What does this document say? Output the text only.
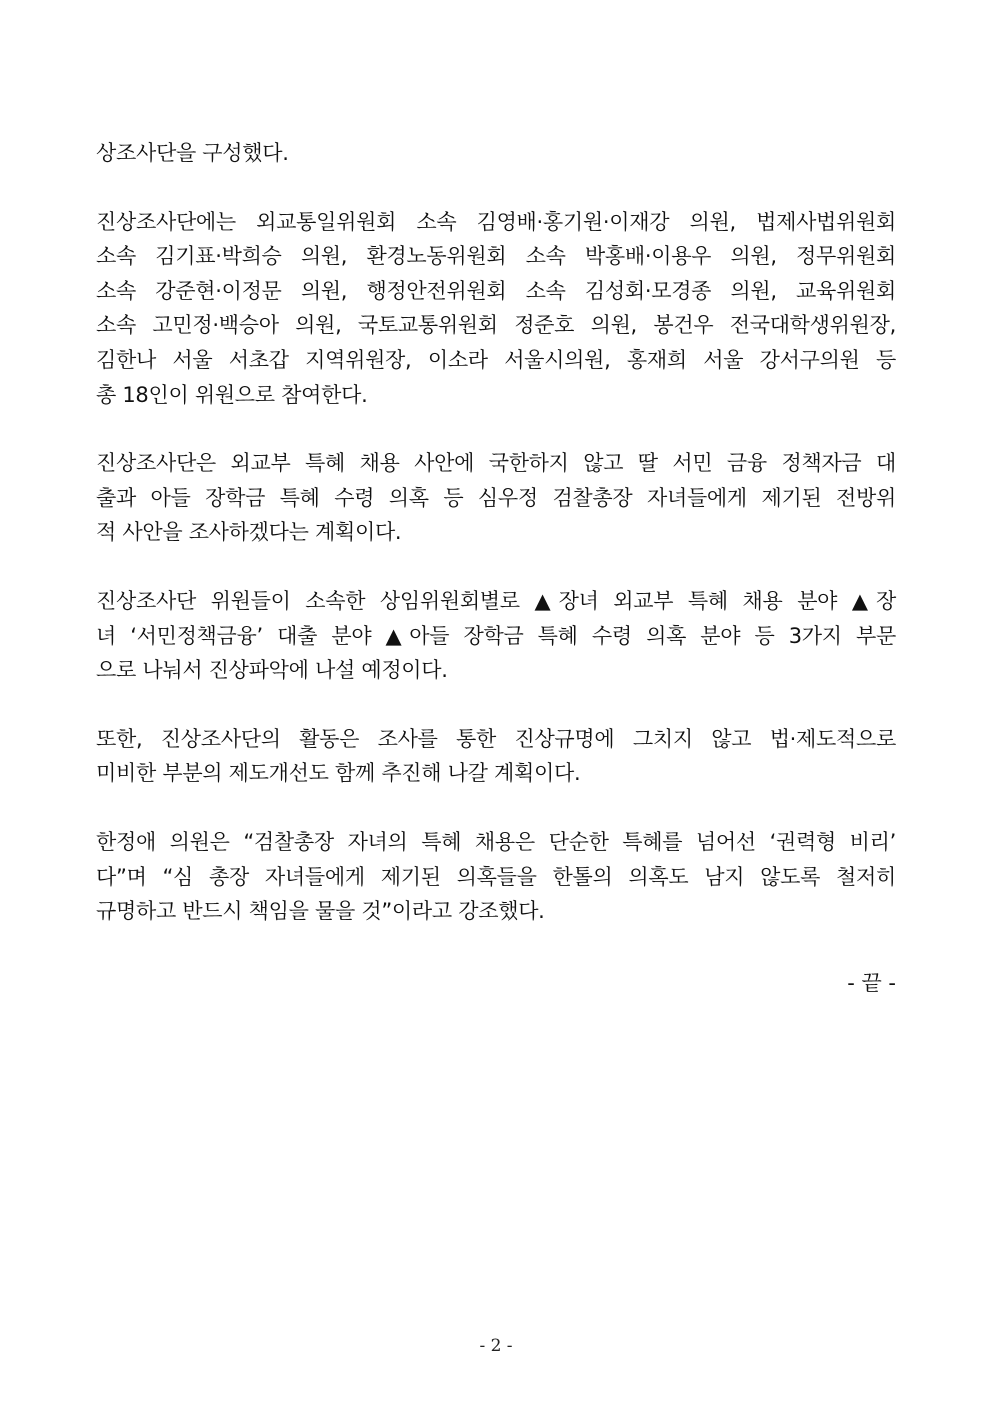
상조사단을 구성했다.
진상조사단에는 외교통일위원회 소속 김영배·홍기원·이재강 의원, 법제사법위원회
소속 김기표·박희승 의원, 환경노동위원회 소속 박홍배·이용우 의원, 정무위원회
소속 강준현·이정문 의원, 행정안전위원회 소속 김성회·모경종 의원, 교육위원회
소속 고민정·백승아 의원, 국토교통위원회 정준호 의원, 봉건우 전국대학생위원장,
김한나 서울 서초갑 지역위원장, 이소라 서울시의원, 홍재희 서울 강서구의원 등
총 18인이 위원으로 참여한다.
진상조사단은 외교부 특혜 채용 사안에 국한하지 않고 딸 서민 금융 정책자금 대
출과 아들 장학금 특혜 수령 의혹 등 심우정 검찰총장 자녀들에게 제기된 전방위
적 사안을 조사하겠다는 계획이다.
진상조사단 위원들이 소속한 상임위원회별로 ▲장녀 외교부 특혜 채용 분야 ▲장
녀 ‘서민정책금융’ 대출 분야 ▲아들 장학금 특혜 수령 의혹 분야 등 3가지 부문
으로 나눠서 진상파악에 나설 예정이다.
또한, 진상조사단의 활동은 조사를 통한 진상규명에 그치지 않고 법·제도적으로
미비한 부분의 제도개선도 함께 추진해 나갈 계획이다.
한정애 의원은 “검찰총장 자녀의 특혜 채용은 단순한 특혜를 넘어선 ‘권력형 비리’
다”며 “심 총장 자녀들에게 제기된 의혹들을 한톨의 의혹도 남지 않도록 철저히
규명하고 반드시 책임을 물을 것”이라고 강조했다.
- 끝 -
- 2 -
